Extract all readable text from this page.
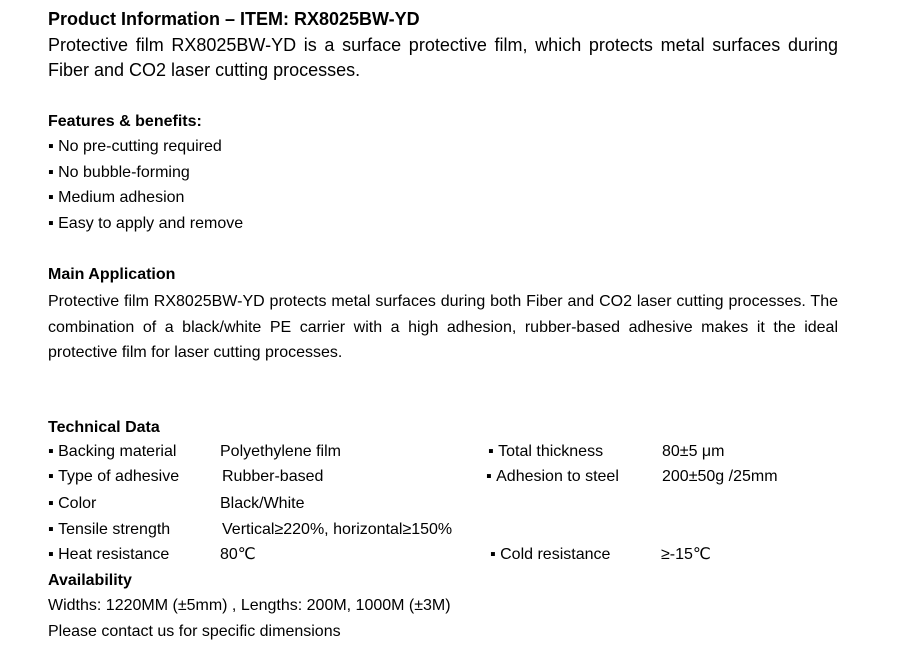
Product Information – ITEM: RX8025BW-YD
Protective film RX8025BW-YD is a surface protective film, which protects metal surfaces during Fiber and CO2 laser cutting processes.
Features & benefits:
▪ No pre-cutting required
▪ No bubble-forming
▪ Medium adhesion
▪ Easy to apply and remove
Main Application
Protective film RX8025BW-YD protects metal surfaces during both Fiber and CO2 laser cutting processes. The combination of a black/white PE carrier with a high adhesion, rubber-based adhesive makes it the ideal protective film for laser cutting processes.
Technical Data
▪ Backing material	Polyethylene film	▪ Total thickness	80±5 μm
▪ Type of adhesive	Rubber-based	▪ Adhesion to steel	200±50g /25mm
▪ Color	Black/White
▪ Tensile strength	Vertical≥220%, horizontal≥150%
▪ Heat resistance	80℃	▪ Cold resistance	≥-15℃
Availability
Widths: 1220MM (±5mm) , Lengths: 200M, 1000M (±3M)
Please contact us for specific dimensions
